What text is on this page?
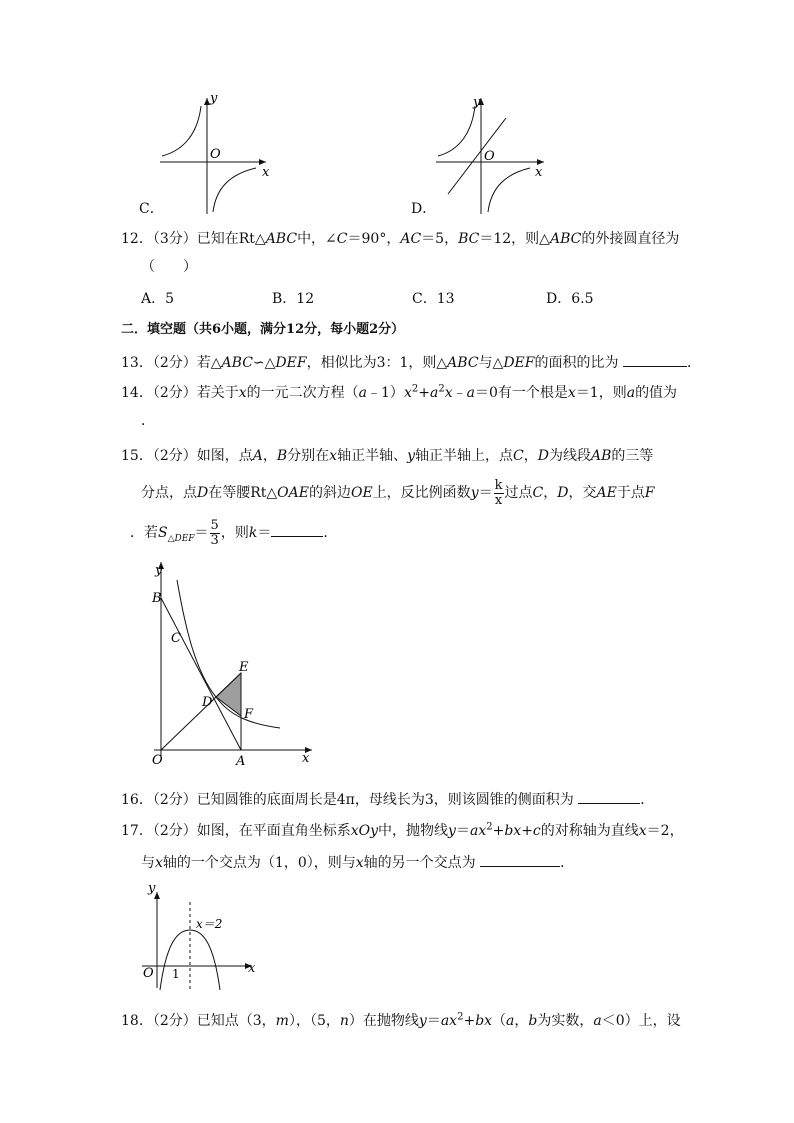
y
x
O
C．
y
x
O
D．
12．（3分）已知在Rt△ABC中，∠C＝90°，AC＝5，BC＝12，则△ABC的外接圆直径为
（　　）
A．5	B．12	C．13	D．6.5
二．填空题（共6小题，满分12分，每小题2分）
13．（2分）若△ABC∽△DEF，相似比为3：1，则△ABC与△DEF的面积的比为	．
14．（2分）若关于x的一元二次方程$(a﹣1)x^2+a^2x﹣a=0$有一个根是x＝1，则a的值为
．
15．（2分）如图，点A，B分别在x轴正半轴、y轴正半轴上，点C，D为线段AB的三等
分点，点D在等腰Rt△OAE的斜边OE上，反比例函数$y= \frac{k}{x}$ 过点C，D，交AE于点F
．若$S_{\triangle DEF}= \frac{5}{3}$ ，则k＝	．
y
x
O	A
B
C
D
E
F
16．（2分）已知圆锥的底面周长是4π，母线长为3，则该圆锥的侧面积为	．
17．（2分）如图，在平面直角坐标系xOy中，抛物线$y=ax^2+bx+c$的对称轴为直线x＝2，
与x轴的一个交点为（1，0），则与x轴的另一个交点为	．
y
x
O 1
x＝2
18．（2分）已知点（3，m），（5，n）在抛物线$y=ax^2+bx(a$，b为实数，a＜0）上，设
